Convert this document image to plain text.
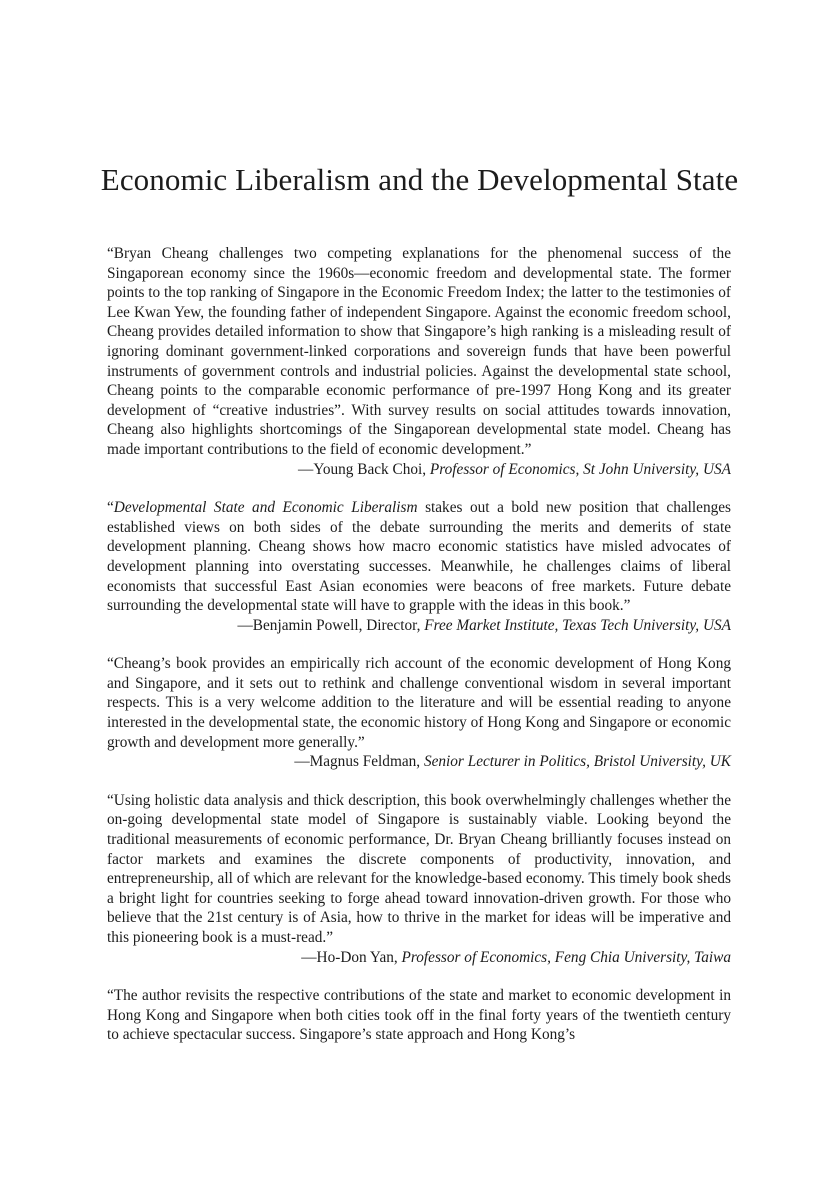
Economic Liberalism and the Developmental State

“Bryan Cheang challenges two competing explanations for the phenomenal success of the Singaporean economy since the 1960s—economic freedom and developmental state. The former points to the top ranking of Singapore in the Economic Freedom Index; the latter to the testimonies of Lee Kwan Yew, the founding father of independent Singapore. Against the economic freedom school, Cheang provides detailed information to show that Singapore’s high ranking is a misleading result of ignoring dominant government-linked corporations and sovereign funds that have been powerful instruments of government controls and industrial policies. Against the developmental state school, Cheang points to the comparable economic performance of pre-1997 Hong Kong and its greater development of “creative industries”. With survey results on social attitudes towards innovation, Cheang also highlights shortcomings of the Singaporean developmental state model. Cheang has made important contributions to the field of economic development.”

—Young Back Choi, Professor of Economics, St John University, USA

“Developmental State and Economic Liberalism stakes out a bold new position that challenges established views on both sides of the debate surrounding the merits and demerits of state development planning. Cheang shows how macro economic statistics have misled advocates of development planning into overstating successes. Meanwhile, he challenges claims of liberal economists that successful East Asian economies were beacons of free markets. Future debate surrounding the developmental state will have to grapple with the ideas in this book.”

—Benjamin Powell, Director, Free Market Institute, Texas Tech University, USA

“Cheang’s book provides an empirically rich account of the economic development of Hong Kong and Singapore, and it sets out to rethink and challenge conventional wisdom in several important respects. This is a very welcome addition to the literature and will be essential reading to anyone interested in the developmental state, the economic history of Hong Kong and Singapore or economic growth and development more generally.”

—Magnus Feldman, Senior Lecturer in Politics, Bristol University, UK

“Using holistic data analysis and thick description, this book overwhelmingly challenges whether the on-going developmental state model of Singapore is sustainably viable. Looking beyond the traditional measurements of economic performance, Dr. Bryan Cheang brilliantly focuses instead on factor markets and examines the discrete components of productivity, innovation, and entrepreneurship, all of which are relevant for the knowledge-based economy. This timely book sheds a bright light for countries seeking to forge ahead toward innovation-driven growth. For those who believe that the 21st century is of Asia, how to thrive in the market for ideas will be imperative and this pioneering book is a must-read.”

—Ho-Don Yan, Professor of Economics, Feng Chia University, Taiwa

“The author revisits the respective contributions of the state and market to economic development in Hong Kong and Singapore when both cities took off in the final forty years of the twentieth century to achieve spectacular success. Singapore’s state approach and Hong Kong’s
